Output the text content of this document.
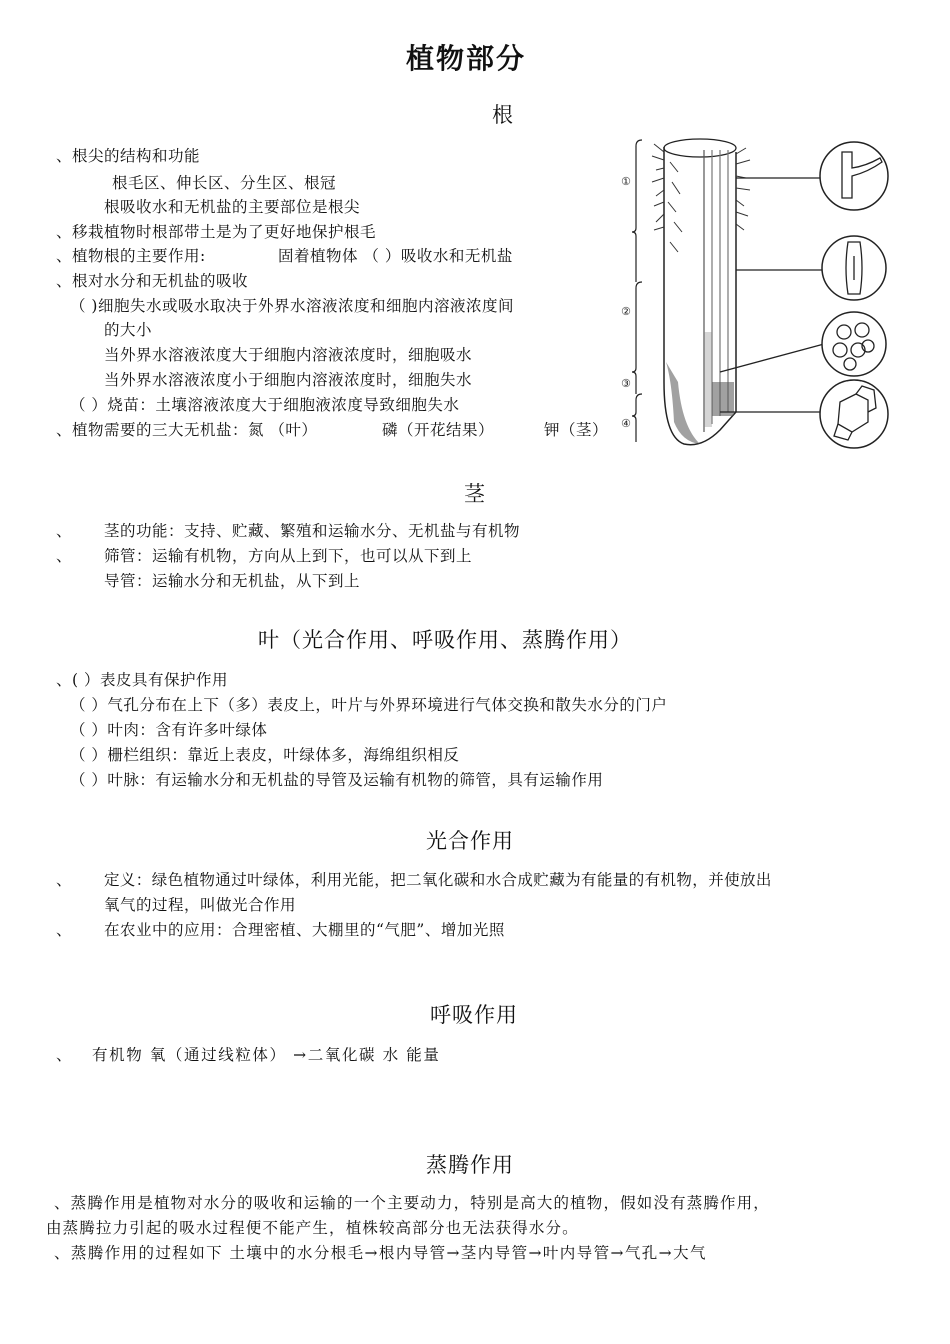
植物部分
根
、根尖的结构和功能
根毛区、伸长区、分生区、根冠
根吸收水和无机盐的主要部位是根尖
、移栽植物时根部带土是为了更好地保护根毛
、植物根的主要作用:	固着植物体 （ ）吸收水和无机盐
、根对水分和无机盐的吸收
（ )细胞失水或吸水取决于外界水溶液浓度和细胞内溶液浓度间
的大小
当外界水溶液浓度大于细胞内溶液浓度时，细胞吸水
当外界水溶液浓度小于细胞内溶液浓度时，细胞失水
（ ）烧苗：土壤溶液浓度大于细胞液浓度导致细胞失水
、植物需要的三大无机盐：氮 （叶）	磷（开花结果）	钾（茎）
①
②
③
④
茎
、 茎的功能：支持、贮藏、繁殖和运输水分、无机盐与有机物
、 筛管：运输有机物，方向从上到下，也可以从下到上
导管：运输水分和无机盐，从下到上
叶（光合作用、呼吸作用、蒸腾作用）
、( ）表皮具有保护作用
（ ）气孔分布在上下（多）表皮上，叶片与外界环境进行气体交换和散失水分的门户
（ ）叶肉：含有许多叶绿体
（ ）栅栏组织：靠近上表皮，叶绿体多，海绵组织相反
（ ）叶脉：有运输水分和无机盐的导管及运输有机物的筛管，具有运输作用
光合作用
、 定义：绿色植物通过叶绿体，利用光能，把二氧化碳和水合成贮藏为有能量的有机物，并使放出
氧气的过程，叫做光合作用
、 在农业中的应用：合理密植、大棚里的“气肥”、增加光照
呼吸作用
、 有机物 氧（通过线粒体） →二氧化碳 水 能量
蒸腾作用
、蒸腾作用是植物对水分的吸收和运输的一个主要动力，特别是高大的植物，假如没有蒸腾作用，
由蒸腾拉力引起的吸水过程便不能产生，植株较高部分也无法获得水分。
、蒸腾作用的过程如下 土壤中的水分根毛→根内导管→茎内导管→叶内导管→气孔→大气
